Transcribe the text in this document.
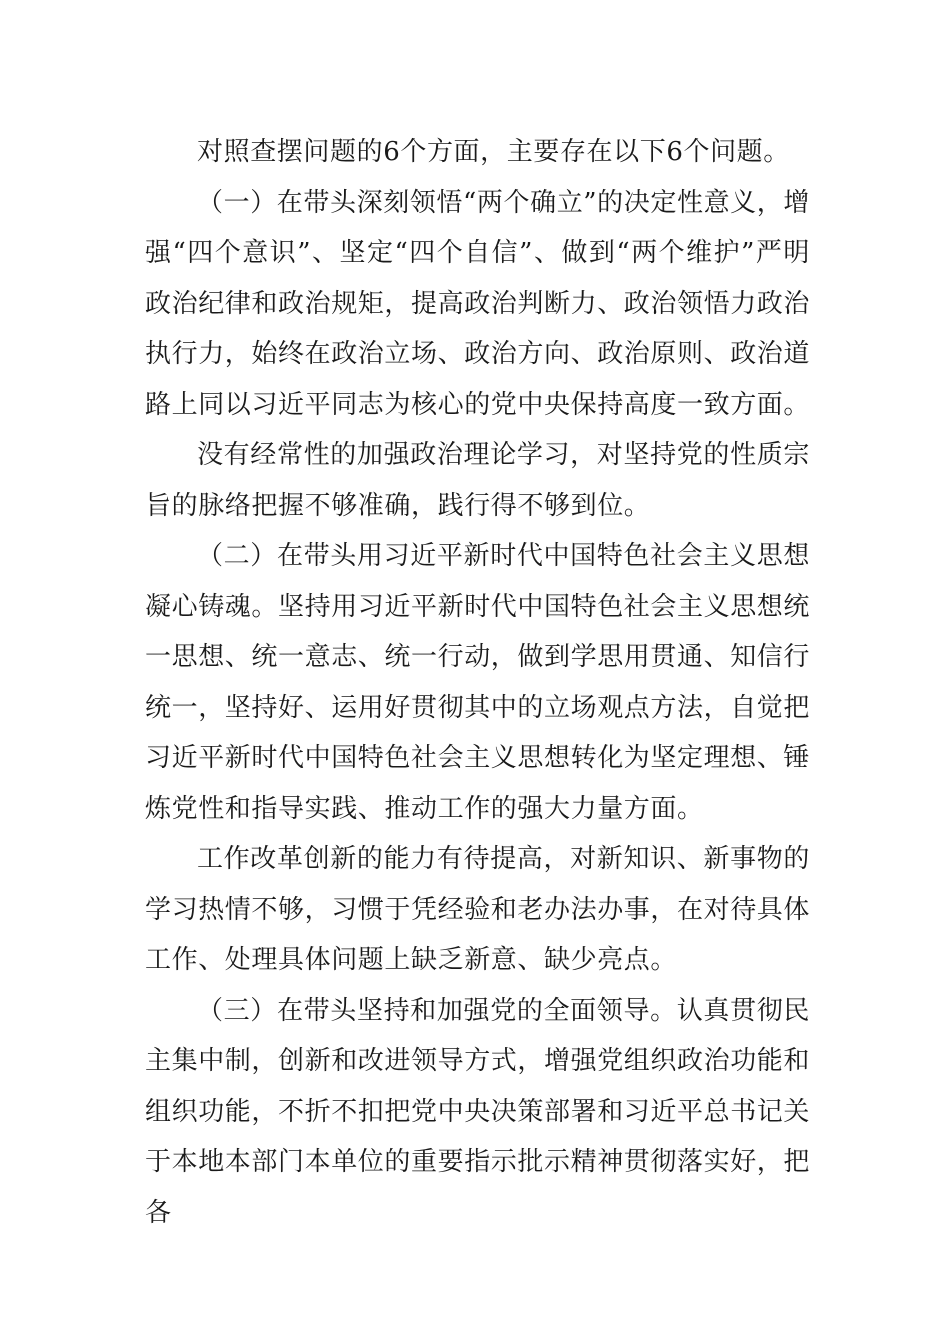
对照查摆问题的6个方面，主要存在以下6个问题。

（一）在带头深刻领悟“两个确立”的决定性意义，增强“四个意识”、坚定“四个自信”、做到“两个维护”严明政治纪律和政治规矩，提高政治判断力、政治领悟力政治执行力，始终在政治立场、政治方向、政治原则、政治道路上同以习近平同志为核心的党中央保持高度一致方面。

没有经常性的加强政治理论学习，对坚持党的性质宗旨的脉络把握不够准确，践行得不够到位。

（二）在带头用习近平新时代中国特色社会主义思想凝心铸魂。坚持用习近平新时代中国特色社会主义思想统一思想、统一意志、统一行动，做到学思用贯通、知信行统一，坚持好、运用好贯彻其中的立场观点方法，自觉把习近平新时代中国特色社会主义思想转化为坚定理想、锤炼党性和指导实践、推动工作的强大力量方面。

工作改革创新的能力有待提高，对新知识、新事物的学习热情不够，习惯于凭经验和老办法办事，在对待具体工作、处理具体问题上缺乏新意、缺少亮点。

（三）在带头坚持和加强党的全面领导。认真贯彻民主集中制，创新和改进领导方式，增强党组织政治功能和组织功能，不折不扣把党中央决策部署和习近平总书记关于本地本部门本单位的重要指示批示精神贯彻落实好，把各
